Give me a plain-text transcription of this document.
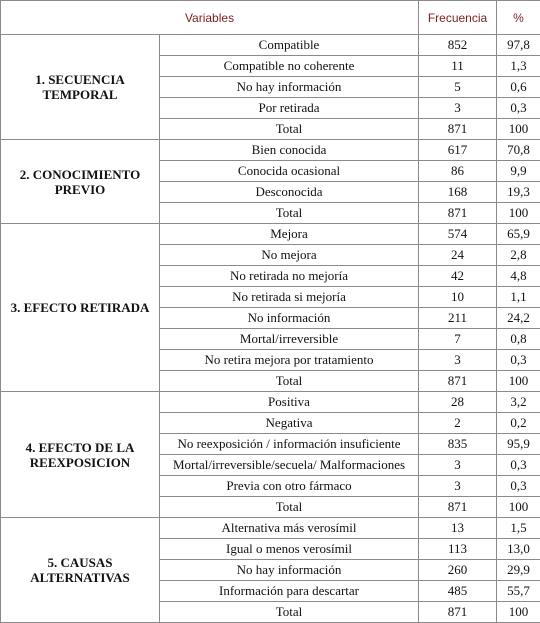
Variables		Frecuencia	%
1. SECUENCIA TEMPORAL	Compatible	852	97,8
	Compatible no coherente	11	1,3
	No hay información	5	0,6
	Por retirada	3	0,3
	Total	871	100
2. CONOCIMIENTO PREVIO	Bien conocida	617	70,8
	Conocida ocasional	86	9,9
	Desconocida	168	19,3
	Total	871	100
3. EFECTO RETIRADA	Mejora	574	65,9
	No mejora	24	2,8
	No retirada no mejoría	42	4,8
	No retirada si mejoría	10	1,1
	No información	211	24,2
	Mortal/irreversible	7	0,8
	No retira mejora por tratamiento	3	0,3
	Total	871	100
4. EFECTO DE LA REEXPOSICION	Positiva	28	3,2
	Negativa	2	0,2
	No reexposición / información insuficiente	835	95,9
	Mortal/irreversible/secuela/ Malformaciones	3	0,3
	Previa con otro fármaco	3	0,3
	Total	871	100
5. CAUSAS ALTERNATIVAS	Alternativa más verosímil	13	1,5
	Igual o menos verosímil	113	13,0
	No hay información	260	29,9
	Información para descartar	485	55,7
	Total	871	100
